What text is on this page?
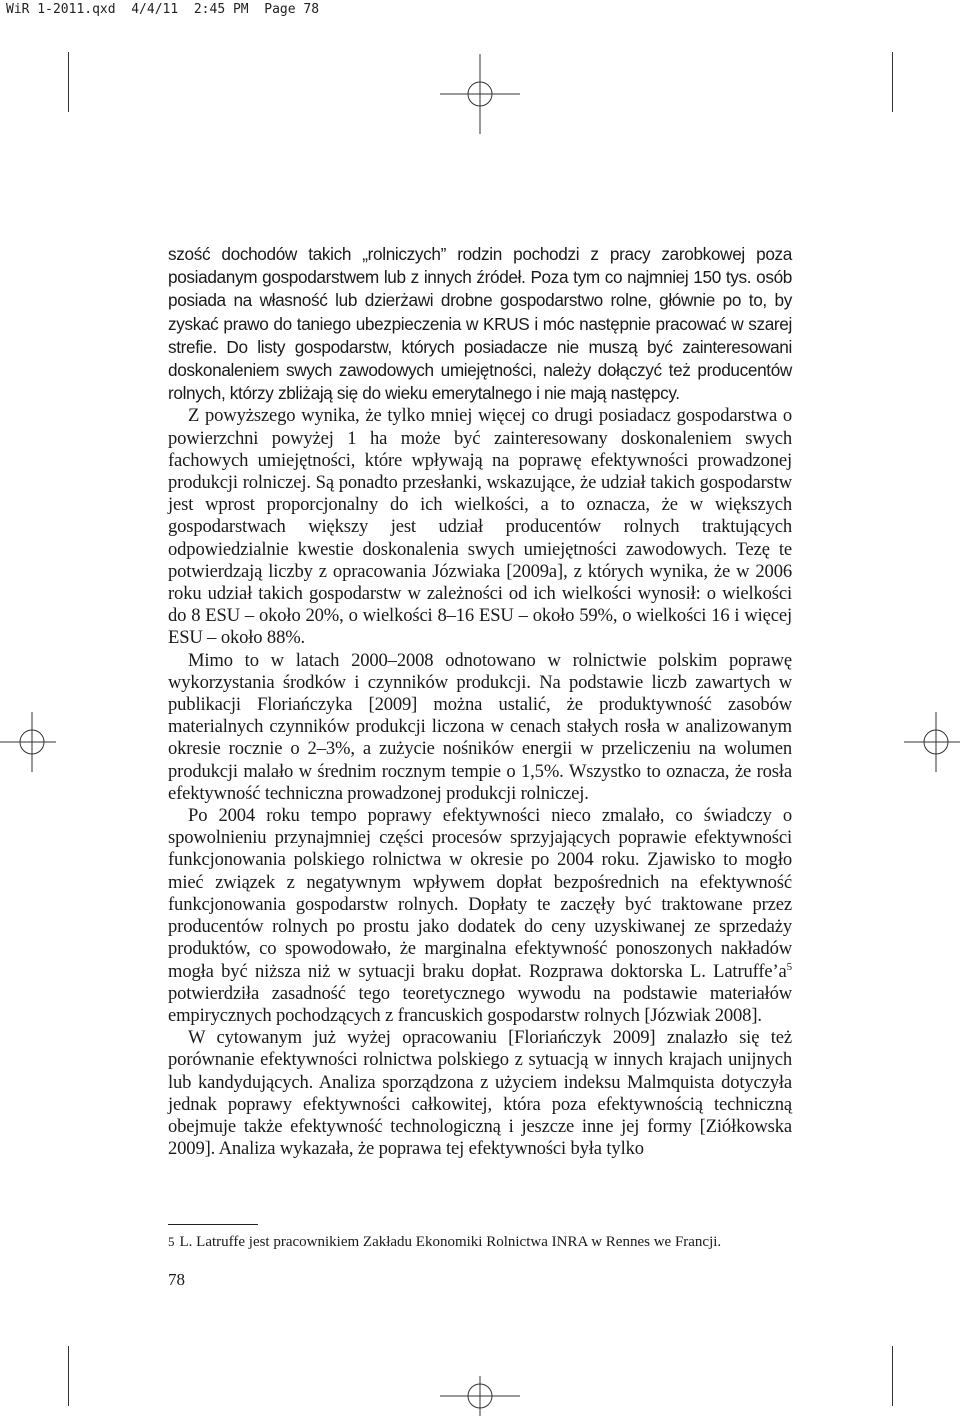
WiR 1-2011.qxd  4/4/11  2:45 PM  Page 78

szość dochodów takich „rolniczych” rodzin pochodzi z pracy zarobkowej poza posiadanym gospodarstwem lub z innych źródeł. Poza tym co najmniej 150 tys. osób posiada na własność lub dzierżawi drobne gospodarstwo rolne, głównie po to, by zyskać prawo do taniego ubezpieczenia w KRUS i móc następnie pracować w szarej strefie. Do listy gospodarstw, których posiadacze nie muszą być zainteresowani doskonaleniem swych zawodowych umiejętności, należy dołączyć też producentów rolnych, którzy zbliżają się do wieku emerytalnego i nie mają następcy.

Z powyższego wynika, że tylko mniej więcej co drugi posiadacz gospodarstwa o powierzchni powyżej 1 ha może być zainteresowany doskonaleniem swych fachowych umiejętności, które wpływają na poprawę efektywności prowadzonej produkcji rolniczej. Są ponadto przesłanki, wskazujące, że udział takich gospodarstw jest wprost proporcjonalny do ich wielkości, a to oznacza, że w większych gospodarstwach większy jest udział producentów rolnych traktujących odpowiedzialnie kwestie doskonalenia swych umiejętności zawodowych. Tezę te potwierdzają liczby z opracowania Józwiaka [2009a], z których wynika, że w 2006 roku udział takich gospodarstw w zależności od ich wielkości wynosił: o wielkości do 8 ESU – około 20%, o wielkości 8–16 ESU – około 59%, o wielkości 16 i więcej ESU – około 88%.

Mimo to w latach 2000–2008 odnotowano w rolnictwie polskim poprawę wykorzystania środków i czynników produkcji. Na podstawie liczb zawartych w publikacji Floriańczyka [2009] można ustalić, że produktywność zasobów materialnych czynników produkcji liczona w cenach stałych rosła w analizowanym okresie rocznie o 2–3%, a zużycie nośników energii w przeliczeniu na wolumen produkcji malało w średnim rocznym tempie o 1,5%. Wszystko to oznacza, że rosła efektywność techniczna prowadzonej produkcji rolniczej.

Po 2004 roku tempo poprawy efektywności nieco zmalało, co świadczy o spowolnieniu przynajmniej części procesów sprzyjających poprawie efektywności funkcjonowania polskiego rolnictwa w okresie po 2004 roku. Zjawisko to mogło mieć związek z negatywnym wpływem dopłat bezpośrednich na efektywność funkcjonowania gospodarstw rolnych. Dopłaty te zaczęły być traktowane przez producentów rolnych po prostu jako dodatek do ceny uzyskiwanej ze sprzedaży produktów, co spowodowało, że marginalna efektywność ponoszonych nakładów mogła być niższa niż w sytuacji braku dopłat. Rozprawa doktorska L. Latruffe’a$^5$ potwierdziła zasadność tego teoretycznego wywodu na podstawie materiałów empirycznych pochodzących z francuskich gospodarstw rolnych [Józwiak 2008].

W cytowanym już wyżej opracowaniu [Floriańczyk 2009] znalazło się też porównanie efektywności rolnictwa polskiego z sytuacją w innych krajach unijnych lub kandydujących. Analiza sporządzona z użyciem indeksu Malmquista dotyczyła jednak poprawy efektywności całkowitej, która poza efektywnością techniczną obejmuje także efektywność technologiczną i jeszcze inne jej formy [Ziółkowska 2009]. Analiza wykazała, że poprawa tej efektywności była tylko

5 L. Latruffe jest pracownikiem Zakładu Ekonomiki Rolnictwa INRA w Rennes we Francji.
78
